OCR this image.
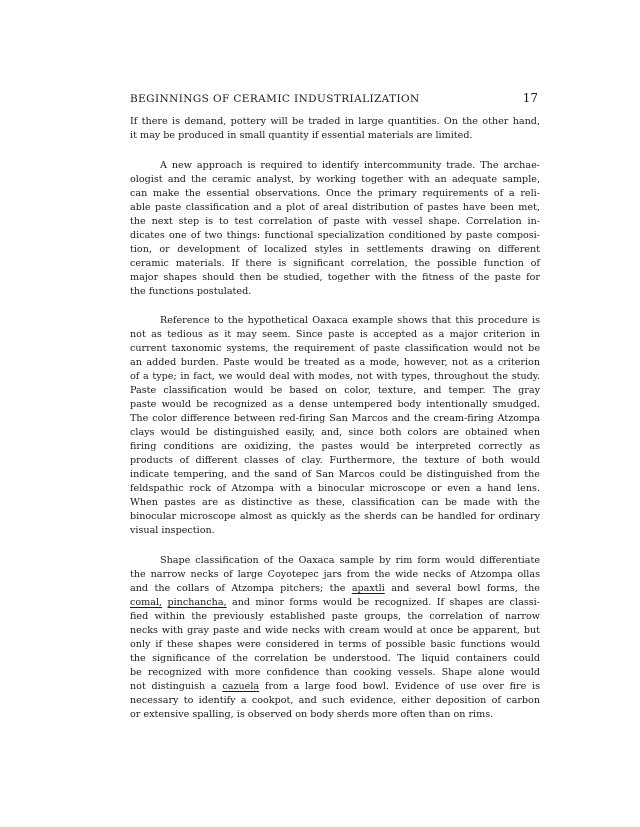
BEGINNINGS OF CERAMIC INDUSTRIALIZATION	17
If there is demand, pottery will be traded in large quantities. On the other hand,
it may be produced in small quantity if essential materials are limited.
A new approach is required to identify intercommunity trade. The archae-
ologist and the ceramic analyst, by working together with an adequate sample,
can make the essential observations. Once the primary requirements of a reli-
able paste classification and a plot of areal distribution of pastes have been met,
the next step is to test correlation of paste with vessel shape. Correlation in-
dicates one of two things: functional specialization conditioned by paste composi-
tion, or development of localized styles in settlements drawing on different
ceramic materials. If there is significant correlation, the possible function of
major shapes should then be studied, together with the fitness of the paste for
the functions postulated.
Reference to the hypothetical Oaxaca example shows that this procedure is
not as tedious as it may seem. Since paste is accepted as a major criterion in
current taxonomic systems, the requirement of paste classification would not be
an added burden. Paste would be treated as a mode, however, not as a criterion
of a type; in fact, we would deal with modes, not with types, throughout the study.
Paste classification would be based on color, texture, and temper. The gray
paste would be recognized as a dense untempered body intentionally smudged.
The color difference between red-firing San Marcos and the cream-firing Atzompa
clays would be distinguished easily, and, since both colors are obtained when
firing conditions are oxidizing, the pastes would be interpreted correctly as
products of different classes of clay. Furthermore, the texture of both would
indicate tempering, and the sand of San Marcos could be distinguished from the
feldspathic rock of Atzompa with a binocular microscope or even a hand lens.
When pastes are as distinctive as these, classification can be made with the
binocular microscope almost as quickly as the sherds can be handled for ordinary
visual inspection.
Shape classification of the Oaxaca sample by rim form would differentiate
the narrow necks of large Coyotepec jars from the wide necks of Atzompa ollas
and the collars of Atzompa pitchers; the apaxtli and several bowl forms, the
comal, pinchancha, and minor forms would be recognized. If shapes are classi-
fied within the previously established paste groups, the correlation of narrow
necks with gray paste and wide necks with cream would at once be apparent, but
only if these shapes were considered in terms of possible basic functions would
the significance of the correlation be understood. The liquid containers could
be recognized with more confidence than cooking vessels. Shape alone would
not distinguish a cazuela from a large food bowl. Evidence of use over fire is
necessary to identify a cookpot, and such evidence, either deposition of carbon
or extensive spalling, is observed on body sherds more often than on rims.
